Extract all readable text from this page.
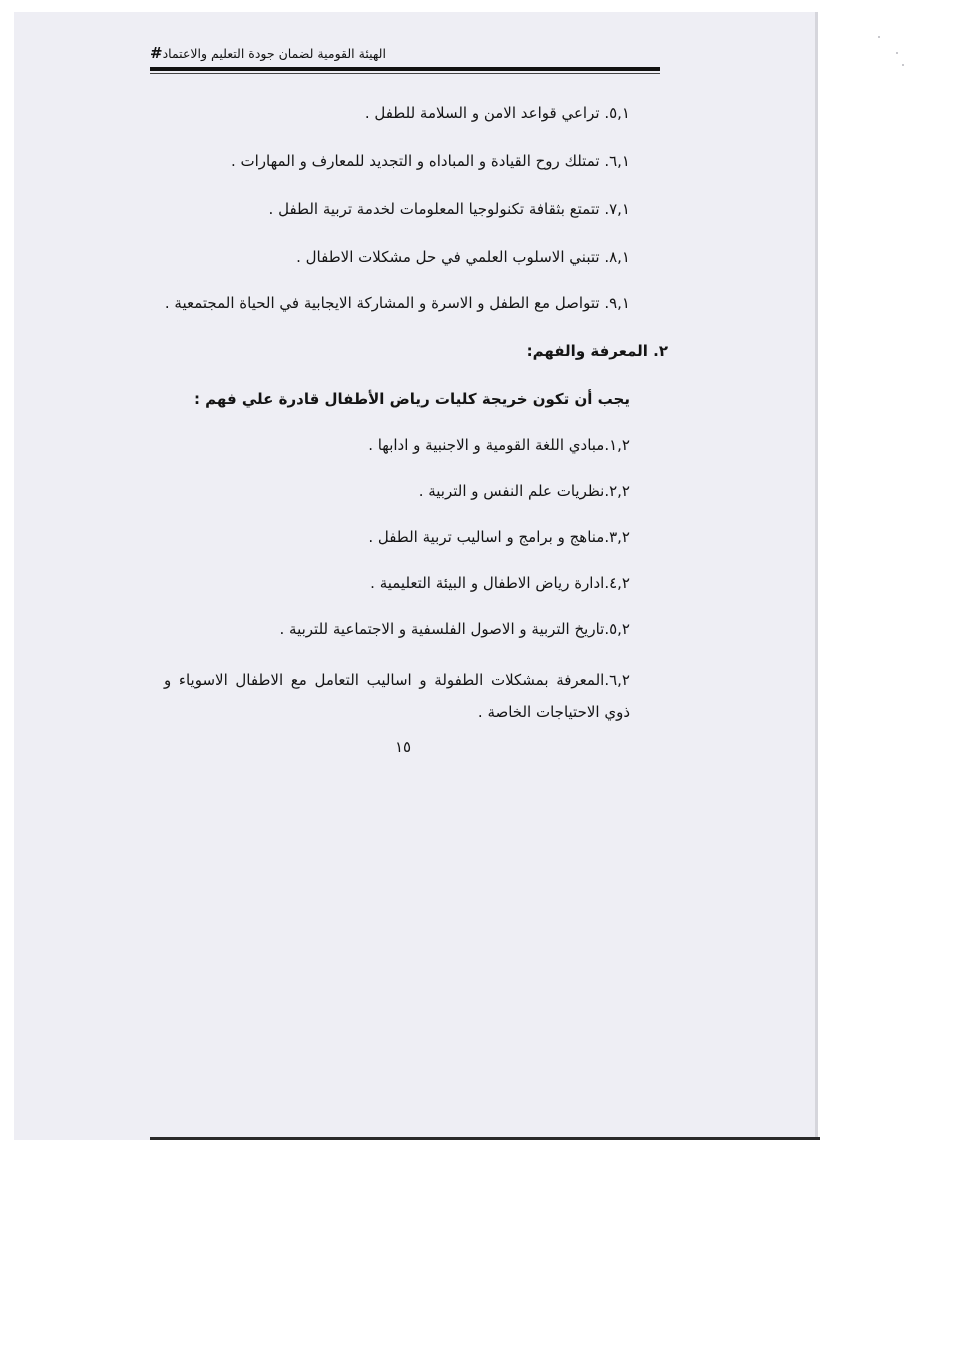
الهيئة القومية لضمان جودة التعليم والاعتماد#
٥,١. تراعي قواعد الامن و السلامة للطفل .
٦,١. تمتلك روح القيادة و المباداه و التجديد للمعارف و المهارات .
٧,١. تتمتع بثقافة تكنولوجيا المعلومات لخدمة تربية الطفل .
٨,١. تتبني الاسلوب العلمي في حل مشكلات الاطفال .
٩,١. تتواصل مع الطفل و الاسرة و المشاركة الايجابية في الحياة المجتمعية .
٢. المعرفة والفهم:
يجب أن تكون خريجة كليات رياض الأطفال قادرة علي فهم :
١,٢.مبادي اللغة القومية و الاجنبية و ادابها .
٢,٢.نظريات علم النفس و التربية .
٣,٢.مناهج و برامج و اساليب تربية الطفل .
٤,٢.ادارة رياض الاطفال و البيئة التعليمية .
٥,٢.تاريخ التربية و الاصول الفلسفية و الاجتماعية للتربية .
٦,٢.المعرفة بمشكلات الطفولة و اساليب التعامل مع الاطفال الاسوياء و ذوي الاحتياجات الخاصة .
١٥
